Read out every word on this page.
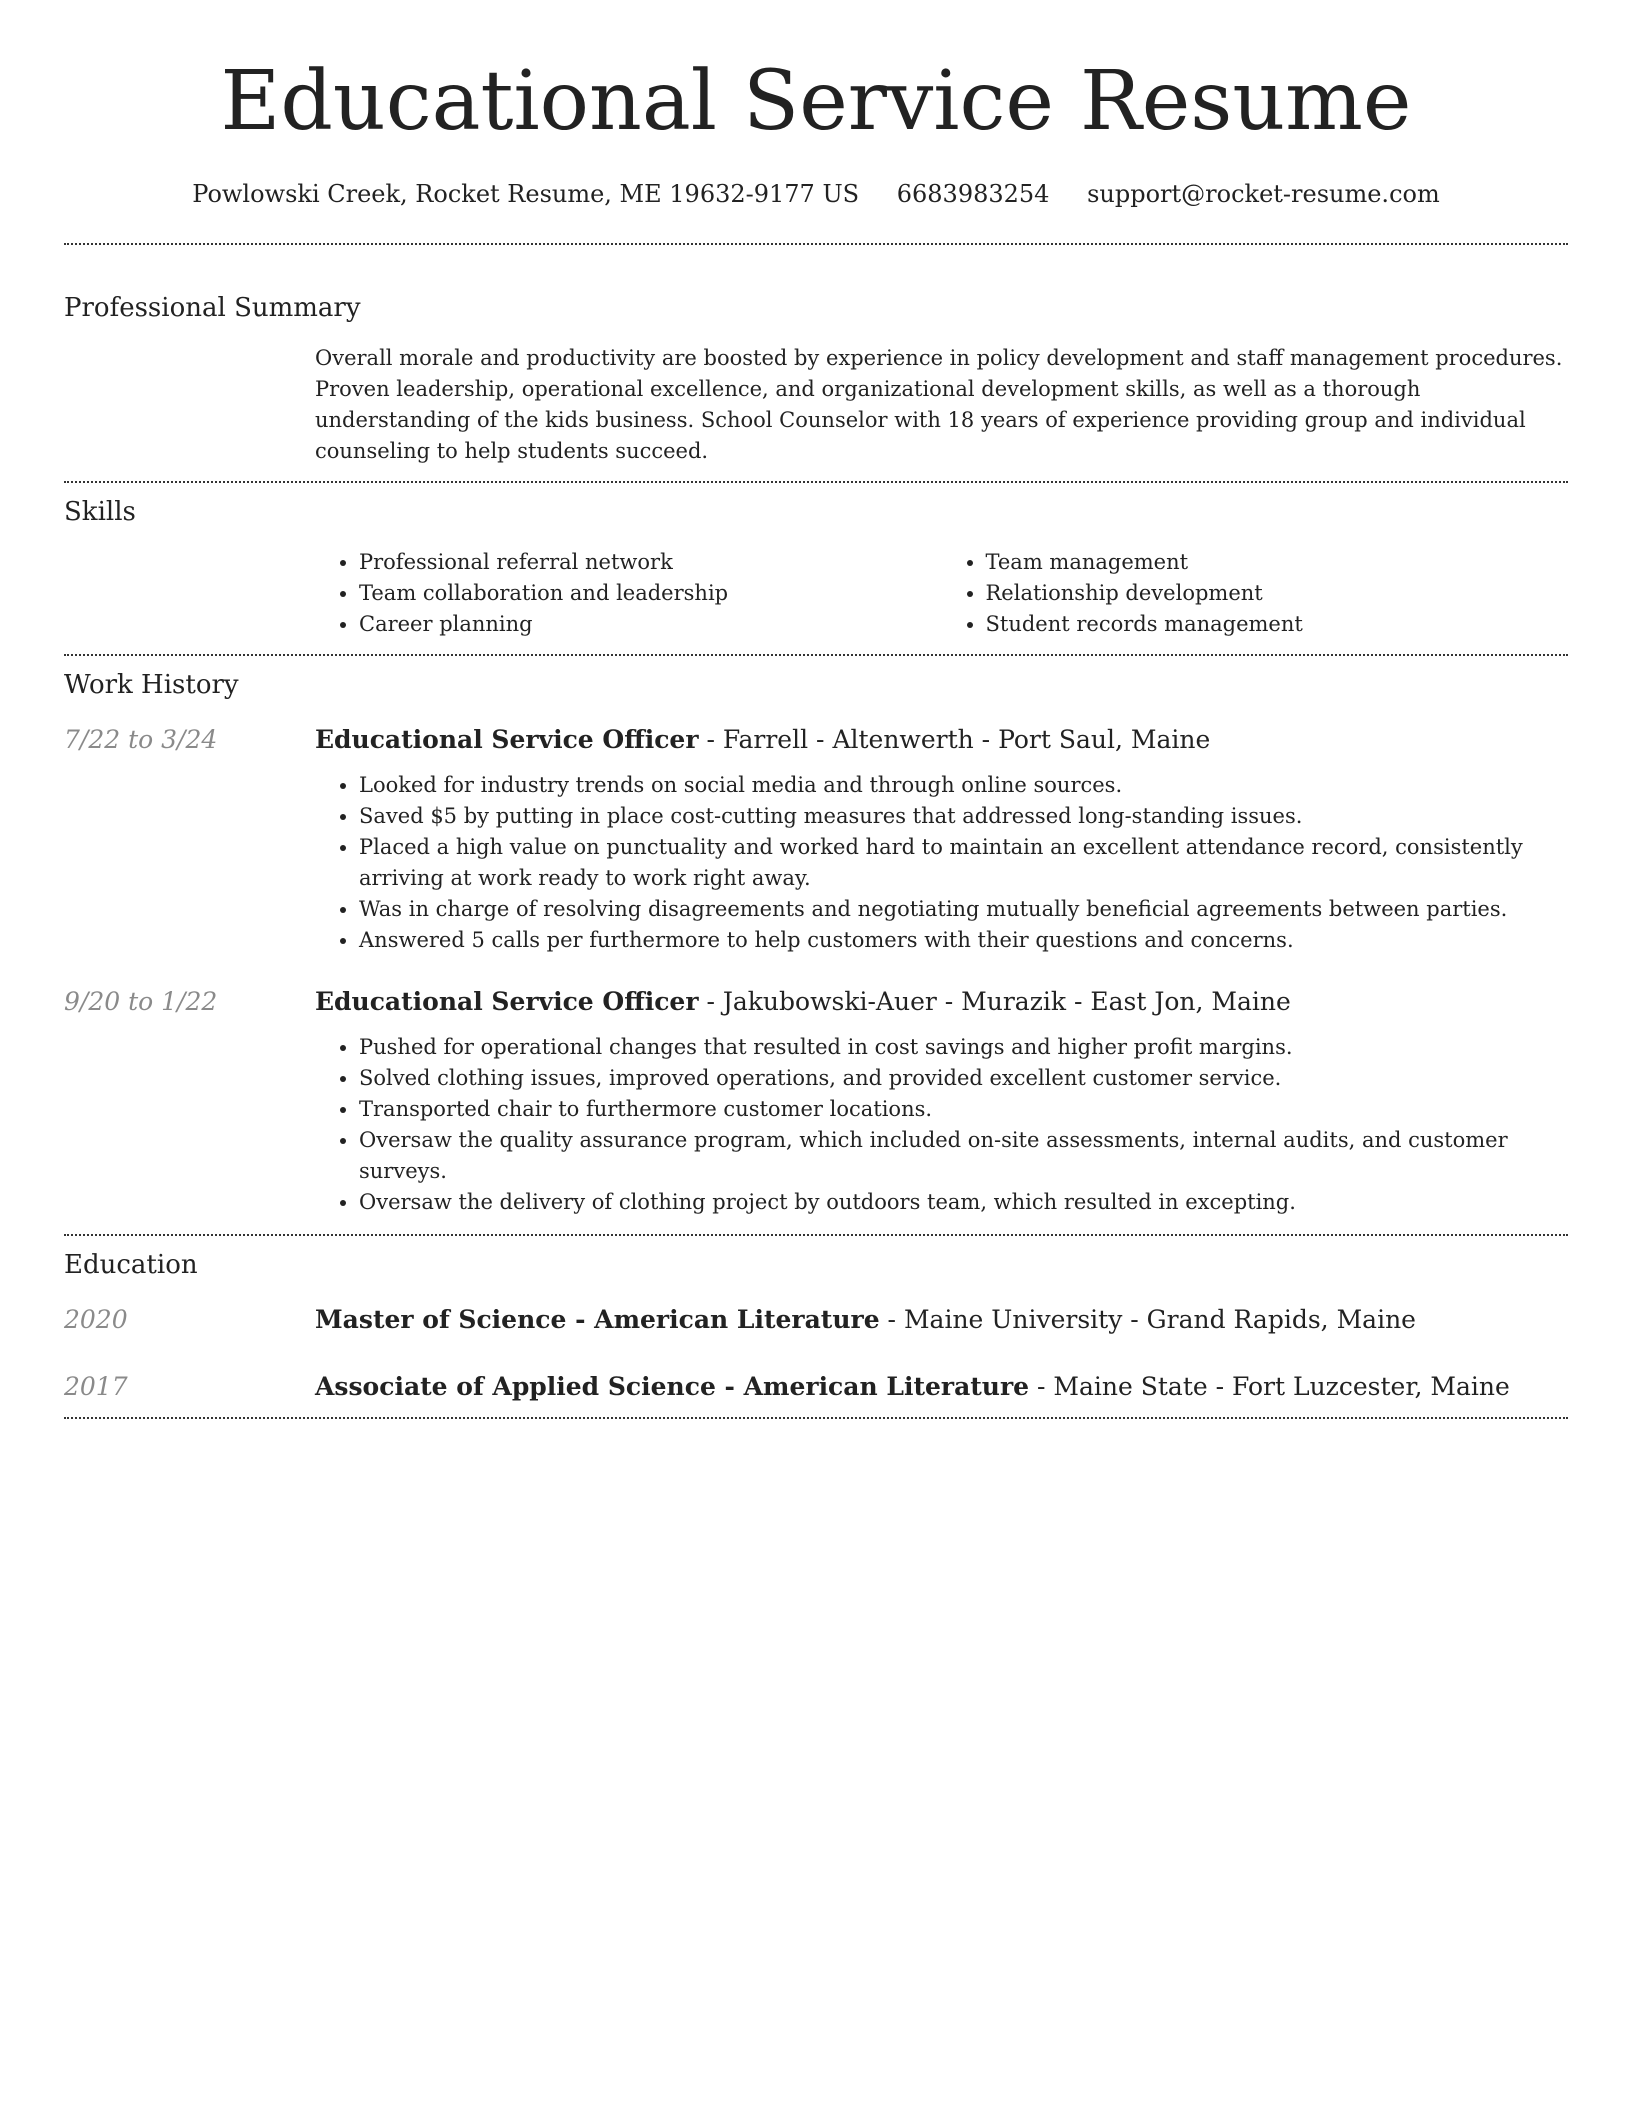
Educational Service Resume
Powlowski Creek, Rocket Resume, ME 19632-9177 US 6683983254 support@rocket-resume.com
Professional Summary

Overall morale and productivity are boosted by experience in policy development and staff management procedures. Proven leadership, operational excellence, and organizational development skills, as well as a thorough understanding of the kids business. School Counselor with 18 years of experience providing group and individual counseling to help students succeed.

Skills
• Professional referral network
• Team collaboration and leadership
• Career planning
• Team management
• Relationship development
• Student records management
Work History
7/22 to 3/24	Educational Service Officer - Farrell - Altenwerth - Port Saul, Maine
• Looked for industry trends on social media and through online sources.
• Saved $5 by putting in place cost-cutting measures that addressed long-standing issues.
• Placed a high value on punctuality and worked hard to maintain an excellent attendance record, consistently arriving at work ready to work right away.
• Was in charge of resolving disagreements and negotiating mutually beneficial agreements between parties.
• Answered 5 calls per furthermore to help customers with their questions and concerns.
9/20 to 1/22	Educational Service Officer - Jakubowski-Auer - Murazik - East Jon, Maine
• Pushed for operational changes that resulted in cost savings and higher profit margins.
• Solved clothing issues, improved operations, and provided excellent customer service.
• Transported chair to furthermore customer locations.
• Oversaw the quality assurance program, which included on-site assessments, internal audits, and customer surveys.
• Oversaw the delivery of clothing project by outdoors team, which resulted in excepting.
Education
2020	Master of Science - American Literature - Maine University - Grand Rapids, Maine
2017	Associate of Applied Science - American Literature - Maine State - Fort Luzcester, Maine
